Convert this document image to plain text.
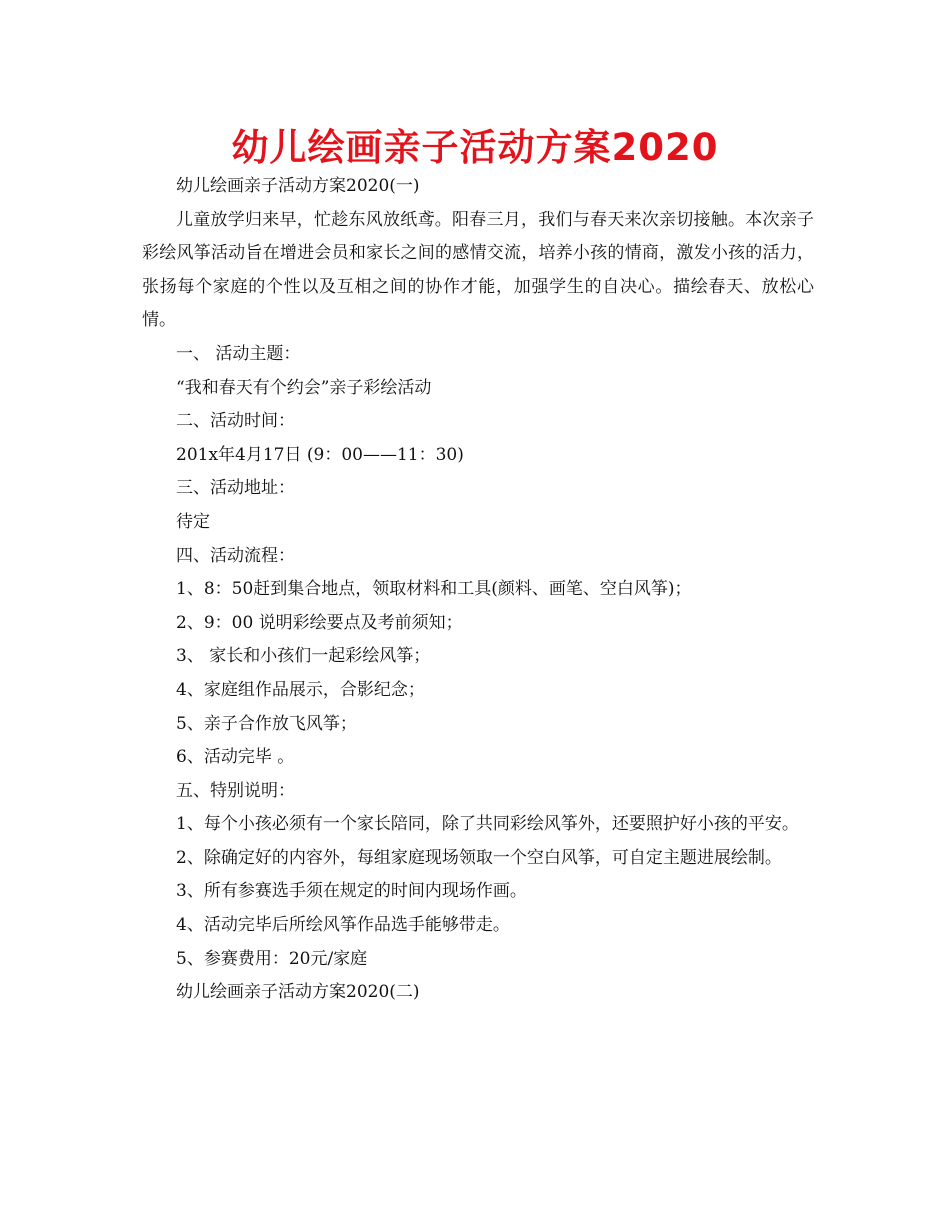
幼儿绘画亲子活动方案2020

幼儿绘画亲子活动方案2020(一)

儿童放学归来早，忙趁东风放纸鸢。阳春三月，我们与春天来次亲切接触。本次亲子彩绘风筝活动旨在增进会员和家长之间的感情交流，培养小孩的情商，激发小孩的活力，张扬每个家庭的个性以及互相之间的协作才能，加强学生的自决心。描绘春天、放松心情。

一、 活动主题：

“我和春天有个约会”亲子彩绘活动

二、活动时间：

201x年4月17日 (9：00——11：30)

三、活动地址：

待定

四、活动流程：

1、8：50赶到集合地点，领取材料和工具(颜料、画笔、空白风筝)；

2、9：00 说明彩绘要点及考前须知；

3、 家长和小孩们一起彩绘风筝；

4、家庭组作品展示，合影纪念；

5、亲子合作放飞风筝；

6、活动完毕 。

五、特别说明：

1、每个小孩必须有一个家长陪同，除了共同彩绘风筝外，还要照护好小孩的平安。

2、除确定好的内容外，每组家庭现场领取一个空白风筝，可自定主题进展绘制。

3、所有参赛选手须在规定的时间内现场作画。

4、活动完毕后所绘风筝作品选手能够带走。

5、参赛费用：20元/家庭

幼儿绘画亲子活动方案2020(二)
